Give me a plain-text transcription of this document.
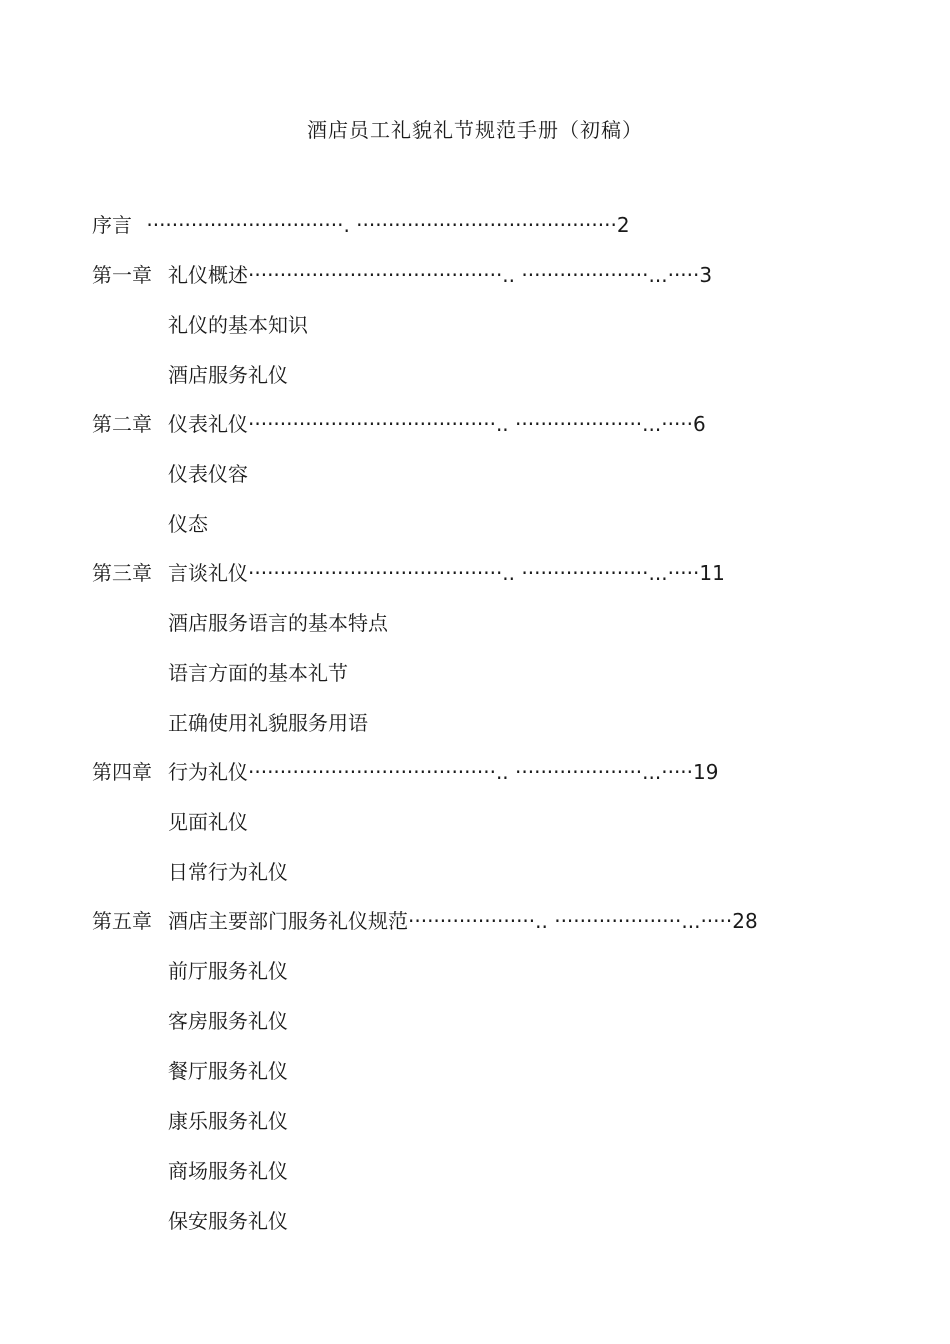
酒店员工礼貌礼节规范手册（初稿）
序言 ·······························. ·········································2
第一章 礼仪概述········································.. ····················...·····3
礼仪的基本知识
酒店服务礼仪
第二章 仪表礼仪·······································.. ····················...·····6
仪表仪容
仪态
第三章 言谈礼仪········································.. ····················...·····11
酒店服务语言的基本特点
语言方面的基本礼节
正确使用礼貌服务用语
第四章 行为礼仪·······································.. ····················...·····19
见面礼仪
日常行为礼仪
第五章 酒店主要部门服务礼仪规范····················.. ····················...·····28
前厅服务礼仪
客房服务礼仪
餐厅服务礼仪
康乐服务礼仪
商场服务礼仪
保安服务礼仪
